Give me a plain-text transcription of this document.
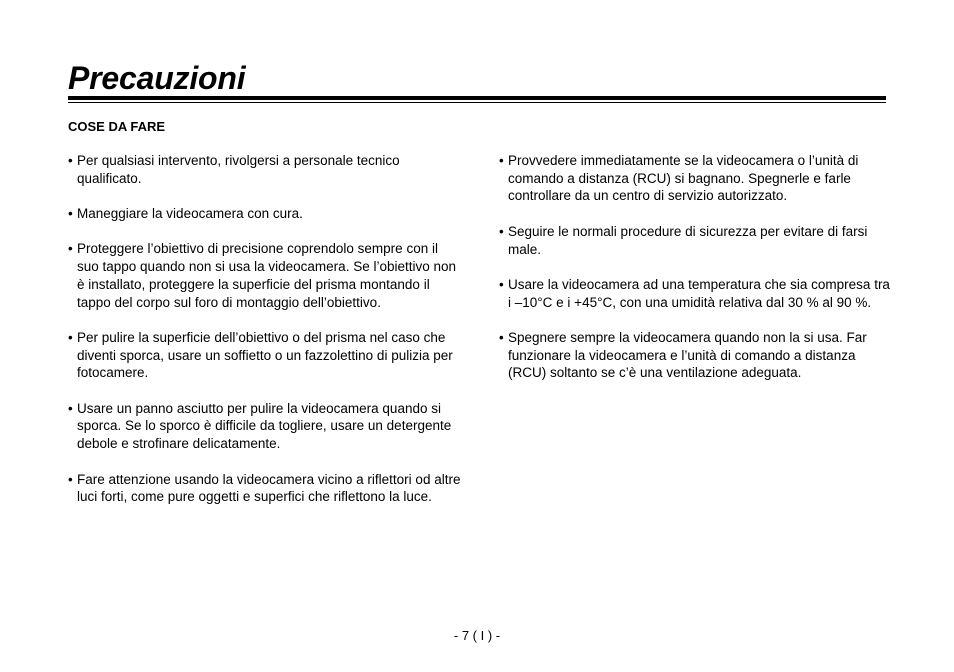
Precauzioni
COSE DA FARE
• Per qualsiasi intervento, rivolgersi a personale tecnico qualificato.
• Maneggiare la videocamera con cura.
• Proteggere l’obiettivo di precisione coprendolo sempre con il suo tappo quando non si usa la videocamera. Se l’obiettivo non è installato, proteggere la superficie del prisma montando il tappo del corpo sul foro di montaggio dell’obiettivo.
• Per pulire la superficie dell’obiettivo o del prisma nel caso che diventi sporca, usare un soffietto o un fazzolettino di pulizia per fotocamere.
• Usare un panno asciutto per pulire la videocamera quando si sporca. Se lo sporco è difficile da togliere, usare un detergente debole e strofinare delicatamente.
• Fare attenzione usando la videocamera vicino a riflettori od altre luci forti, come pure oggetti e superfici che riflettono la luce.
• Provvedere immediatamente se la videocamera o l’unità di comando a distanza (RCU) si bagnano. Spegnerle e farle controllare da un centro di servizio autorizzato.
• Seguire le normali procedure di sicurezza per evitare di farsi male.
• Usare la videocamera ad una temperatura che sia compresa tra i –10°C e i +45°C, con una umidità relativa dal 30 % al 90 %.
• Spegnere sempre la videocamera quando non la si usa. Far funzionare la videocamera e l’unità di comando a distanza (RCU) soltanto se c’è una ventilazione adeguata.
- 7 ( I ) -
